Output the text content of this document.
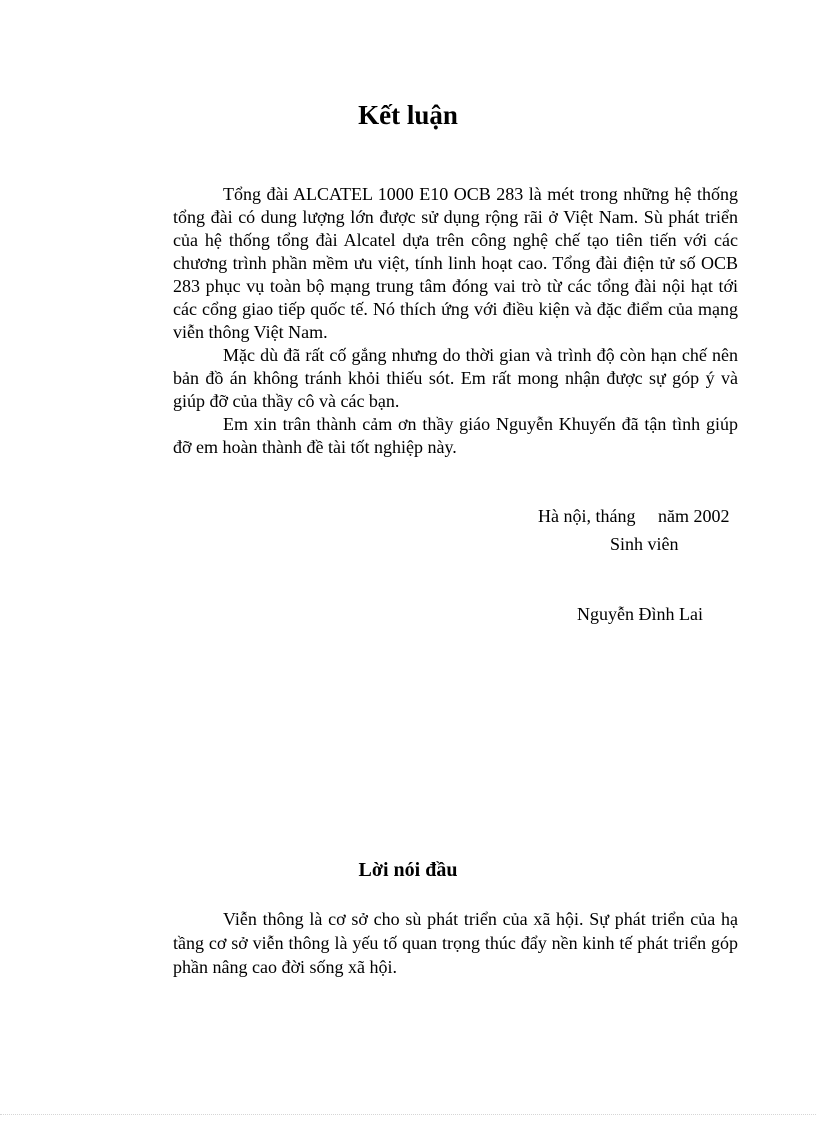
Kết luận

Tổng đài ALCATEL 1000 E10 OCB 283 là mét trong những hệ thống tổng đài có dung lượng lớn được sử dụng rộng rãi ở Việt Nam. Sù phát triển của hệ thống tổng đài Alcatel dựa trên công nghệ chế tạo tiên tiến với các chương trình phần mềm ưu việt, tính linh hoạt cao. Tổng đài điện tử số OCB 283 phục vụ toàn bộ mạng trung tâm đóng vai trò từ các tổng đài nội hạt tới các cổng giao tiếp quốc tế. Nó thích ứng với điều kiện và đặc điểm của mạng viễn thông Việt Nam.

Mặc dù đã rất cố gắng nhưng do thời gian và trình độ còn hạn chế nên bản đồ án không tránh khỏi thiếu sót. Em rất mong nhận được sự góp ý và giúp đỡ của thầy cô và các bạn.

Em xin trân thành cảm ơn thầy giáo Nguyễn Khuyến đã tận tình giúp đỡ em hoàn thành đề tài tốt nghiệp này.

Hà nội, tháng     năm 2002
Sinh viên
Nguyễn Đình Lai
Lời nói đầu

Viễn thông là cơ sở cho sù phát triển của xã hội. Sự phát triển của hạ tầng cơ sở viễn thông là yếu tố quan trọng thúc đẩy nền kinh tế phát triển góp phần nâng cao đời sống xã hội.
